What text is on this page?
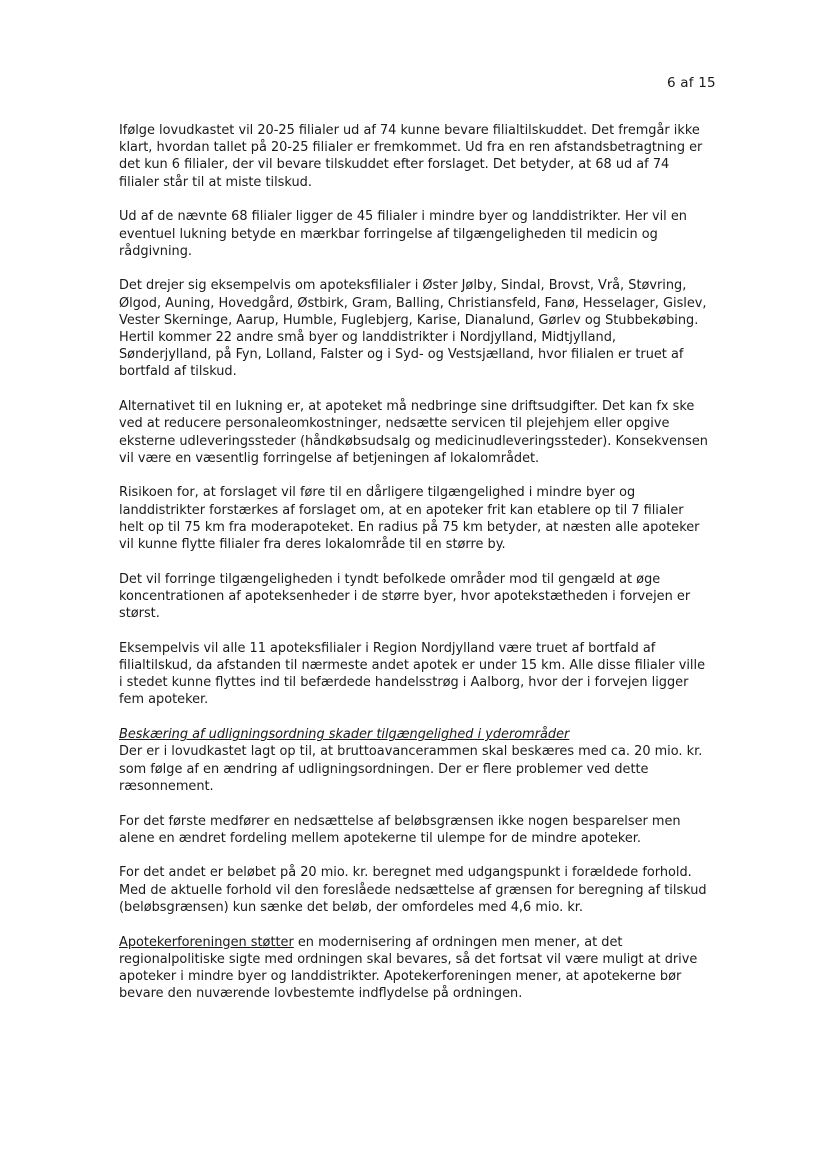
6 af 15

Ifølge lovudkastet vil 20-25 filialer ud af 74 kunne bevare filialtilskuddet. Det fremgår ikke klart, hvordan tallet på 20-25 filialer er fremkommet. Ud fra en ren afstandsbetragtning er det kun 6 filialer, der vil bevare tilskuddet efter forslaget. Det betyder, at 68 ud af 74 filialer står til at miste tilskud.

Ud af de nævnte 68 filialer ligger de 45 filialer i mindre byer og landdistrikter. Her vil en eventuel lukning betyde en mærkbar forringelse af tilgængeligheden til medicin og rådgivning.

Det drejer sig eksempelvis om apoteksfilialer i Øster Jølby, Sindal, Brovst, Vrå, Støvring, Ølgod, Auning, Hovedgård, Østbirk, Gram, Balling, Christiansfeld, Fanø, Hesselager, Gislev, Vester Skerninge, Aarup, Humble, Fuglebjerg, Karise, Dianalund, Gørlev og Stubbekøbing. Hertil kommer 22 andre små byer og landdistrikter i Nordjylland, Midtjylland, Sønderjylland, på Fyn, Lolland, Falster og i Syd- og Vestsjælland, hvor filialen er truet af bortfald af tilskud.

Alternativet til en lukning er, at apoteket må nedbringe sine driftsudgifter. Det kan fx ske ved at reducere personaleomkostninger, nedsætte servicen til plejehjem eller opgive eksterne udleveringssteder (håndkøbsudsalg og medicinudleveringssteder). Konsekvensen vil være en væsentlig forringelse af betjeningen af lokalområdet.

Risikoen for, at forslaget vil føre til en dårligere tilgængelighed i mindre byer og landdistrikter forstærkes af forslaget om, at en apoteker frit kan etablere op til 7 filialer helt op til 75 km fra moderapoteket. En radius på 75 km betyder, at næsten alle apoteker vil kunne flytte filialer fra deres lokalområde til en større by.

Det vil forringe tilgængeligheden i tyndt befolkede områder mod til gengæld at øge koncentrationen af apoteksenheder i de større byer, hvor apotekstætheden i forvejen er størst.

Eksempelvis vil alle 11 apoteksfilialer i Region Nordjylland være truet af bortfald af filialtilskud, da afstanden til nærmeste andet apotek er under 15 km. Alle disse filialer ville i stedet kunne flyttes ind til befærdede handelsstrøg i Aalborg, hvor der i forvejen ligger fem apoteker.

Beskæring af udligningsordning skader tilgængelighed i yderområder

Der er i lovudkastet lagt op til, at bruttoavancerammen skal beskæres med ca. 20 mio. kr. som følge af en ændring af udligningsordningen. Der er flere problemer ved dette ræsonnement.

For det første medfører en nedsættelse af beløbsgrænsen ikke nogen besparelser men alene en ændret fordeling mellem apotekerne til ulempe for de mindre apoteker.

For det andet er beløbet på 20 mio. kr. beregnet med udgangspunkt i forældede forhold. Med de aktuelle forhold vil den foreslåede nedsættelse af grænsen for beregning af tilskud (beløbsgrænsen) kun sænke det beløb, der omfordeles med 4,6 mio. kr.

Apotekerforeningen støtter en modernisering af ordningen men mener, at det regionalpolitiske sigte med ordningen skal bevares, så det fortsat vil være muligt at drive apoteker i mindre byer og landdistrikter. Apotekerforeningen mener, at apotekerne bør bevare den nuværende lovbestemte indflydelse på ordningen.
